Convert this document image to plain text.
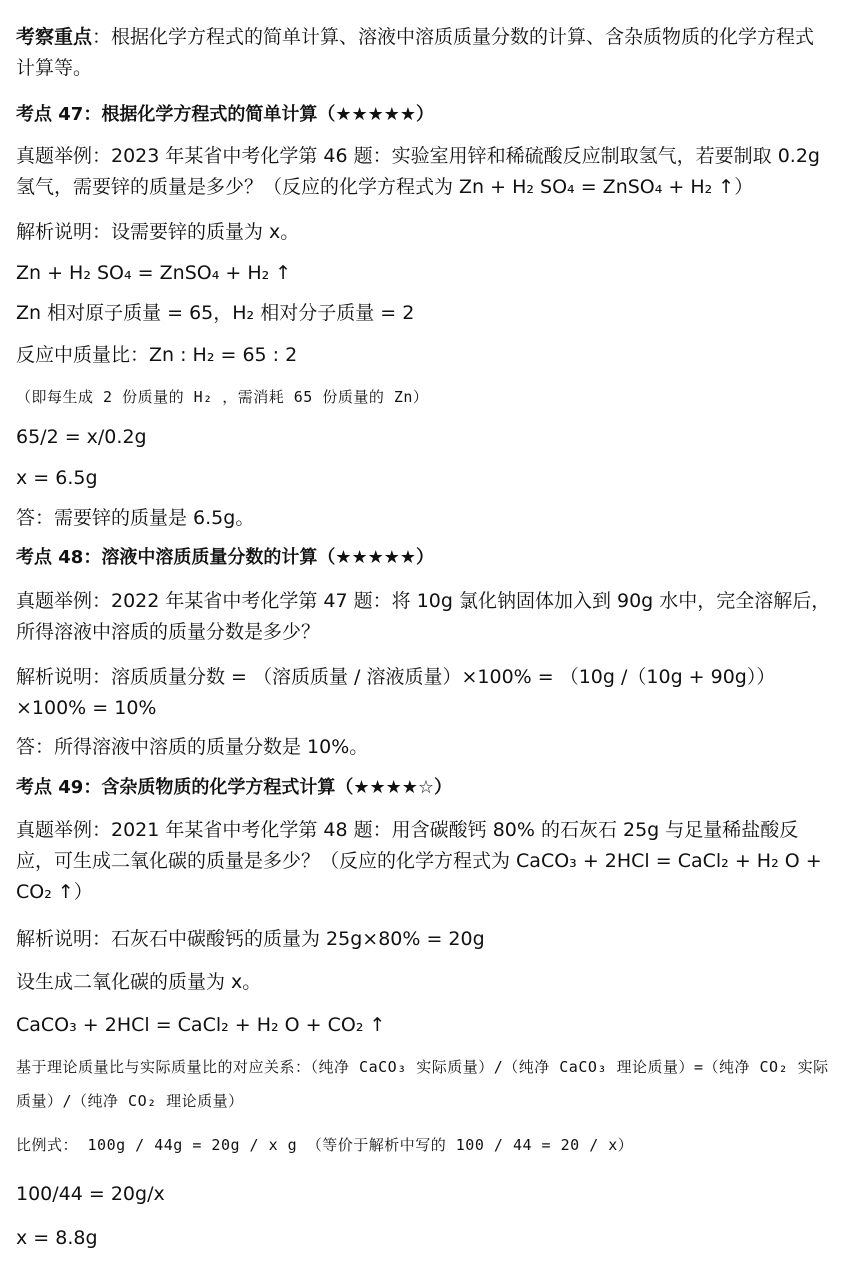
考察重点：根据化学方程式的简单计算、溶液中溶质质量分数的计算、含杂质物质的化学方程式计算等。
考点 47：根据化学方程式的简单计算（★★★★★）
真题举例：2023 年某省中考化学第 46 题：实验室用锌和稀硫酸反应制取氢气，若要制取 0.2g 氢气，需要锌的质量是多少？（反应的化学方程式为 Zn + H₂ SO₄ = ZnSO₄ + H₂ ↑）
解析说明：设需要锌的质量为 x。
Zn + H₂ SO₄ = ZnSO₄ + H₂ ↑
Zn 相对原子质量 = 65，H₂ 相对分子质量 = 2
反应中质量比：Zn : H₂ = 65 : 2
（即每生成 2 份质量的 H₂ ，需消耗 65 份质量的 Zn）
65/2 = x/0.2g
x = 6.5g
答：需要锌的质量是 6.5g。
考点 48：溶液中溶质质量分数的计算（★★★★★）
真题举例：2022 年某省中考化学第 47 题：将 10g 氯化钠固体加入到 90g 水中，完全溶解后，所得溶液中溶质的质量分数是多少？
解析说明：溶质质量分数 = （溶质质量 / 溶液质量）×100% = （10g /（10g + 90g））×100% = 10%
答：所得溶液中溶质的质量分数是 10%。
考点 49：含杂质物质的化学方程式计算（★★★★☆）
真题举例：2021 年某省中考化学第 48 题：用含碳酸钙 80% 的石灰石 25g 与足量稀盐酸反应，可生成二氧化碳的质量是多少？（反应的化学方程式为 CaCO₃ + 2HCl = CaCl₂ + H₂ O + CO₂ ↑）
解析说明：石灰石中碳酸钙的质量为 25g×80% = 20g
设生成二氧化碳的质量为 x。
CaCO₃ + 2HCl = CaCl₂ + H₂ O + CO₂ ↑
基于理论质量比与实际质量比的对应关系：（纯净 CaCO₃ 实际质量）/（纯净 CaCO₃ 理论质量）=（纯净 CO₂ 实际质量）/（纯净 CO₂ 理论质量）
比例式： 100g / 44g = 20g / x g （等价于解析中写的 100 / 44 = 20 / x）
100/44 = 20g/x
x = 8.8g
